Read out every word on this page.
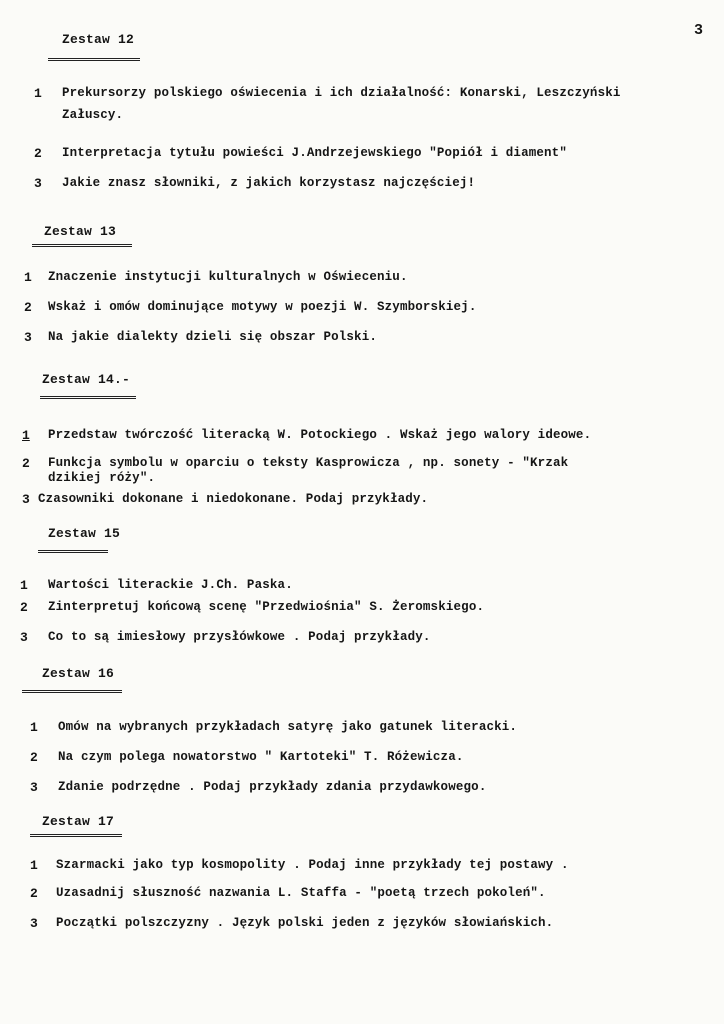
3
Zestaw 12
1 Prekursorzy polskiego oświecenia i ich działalność: Konarski, Leszczyński
Załuscy.
2 Interpretacja tytułu powieści J.Andrzejewskiego "Popiół i diament"
3 Jakie znasz słowniki, z jakich korzystasz najczęściej!
Zestaw 13
1 Znaczenie instytucji kulturalnych w Oświeceniu.
2 Wskaż i omów dominujące motywy w poezji W. Szymborskiej.
3 Na jakie dialekty dzieli się obszar Polski.
Zestaw 14.-
1 Przedstaw twórczość literacką W. Potockiego . Wskaż jego walory ideowe.
2 Funkcja symbolu w oparciu o teksty Kasprowicza , np. sonety - "Krzak
dzikiej róży".
3 Czasowniki dokonane i niedokonane. Podaj przykłady.
Zestaw 15
1 Wartości literackie J.Ch. Paska.
2 Zinterpretuj końcową scenę "Przedwiośnia" S. Żeromskiego.
3 Co to są imiesłowy przysłówkowe . Podaj przykłady.
Zestaw 16
1 Omów na wybranych przykładach satyrę jako gatunek literacki.
2 Na czym polega nowatorstwo " Kartoteki" T. Różewicza.
3 Zdanie podrzędne . Podaj przykłady zdania przydawkowego.
Zestaw 17
1 Szarmacki jako typ kosmopolity . Podaj inne przykłady tej postawy .
2 Uzasadnij słuszność nazwania L. Staffa - "poetą trzech pokoleń".
3 Początki polszczyzny . Język polski jeden z języków słowiańskich.
